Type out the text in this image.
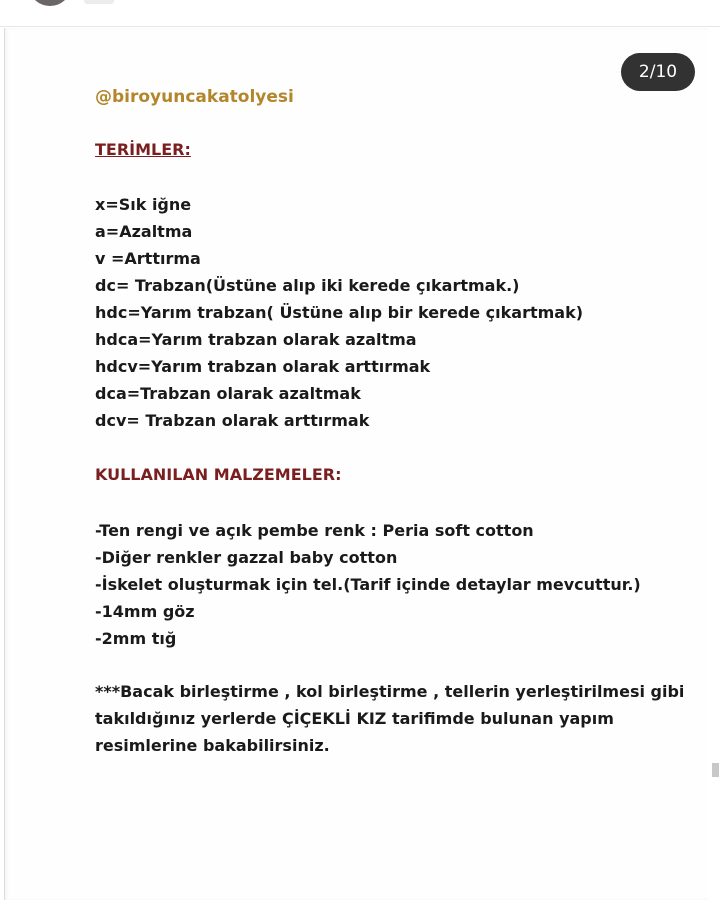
2/10
@biroyuncakatolyesi
TERİMLER:
x=Sık iğne
a=Azaltma
v =Arttırma
dc= Trabzan(Üstüne alıp iki kerede çıkartmak.)
hdc=Yarım trabzan( Üstüne alıp bir kerede çıkartmak)
hdca=Yarım trabzan olarak azaltma
hdcv=Yarım trabzan olarak arttırmak
dca=Trabzan olarak azaltmak
dcv= Trabzan olarak arttırmak
KULLANILAN MALZEMELER:
-Ten rengi ve açık pembe renk : Peria soft cotton
-Diğer renkler gazzal baby cotton
-İskelet oluşturmak için tel.(Tarif içinde detaylar mevcuttur.)
-14mm göz
-2mm tığ
***Bacak birleştirme , kol birleştirme , tellerin yerleştirilmesi gibi takıldığınız yerlerde ÇİÇEKLİ KIZ tarifimde bulunan yapım resimlerine bakabilirsiniz.
